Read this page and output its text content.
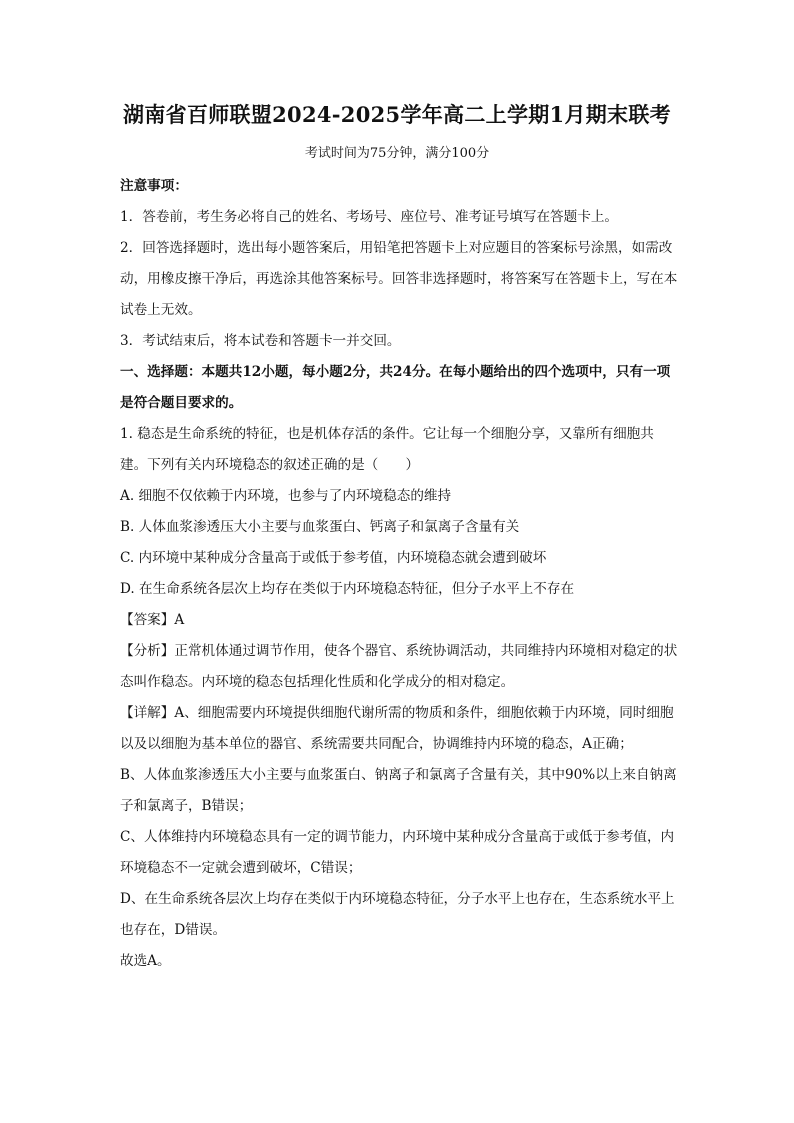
湖南省百师联盟2024-2025学年高二上学期1月期末联考
考试时间为75分钟，满分100分

注意事项：

1．答卷前，考生务必将自己的姓名、考场号、座位号、准考证号填写在答题卡上。

2．回答选择题时，选出每小题答案后，用铅笔把答题卡上对应题目的答案标号涂黑，如需改动，用橡皮擦干净后，再选涂其他答案标号。回答非选择题时，将答案写在答题卡上，写在本试卷上无效。

3．考试结束后，将本试卷和答题卡一并交回。

一、选择题：本题共12小题，每小题2分，共24分。在每小题给出的四个选项中，只有一项是符合题目要求的。

1. 稳态是生命系统的特征，也是机体存活的条件。它让每一个细胞分享，又靠所有细胞共建。下列有关内环境稳态的叙述正确的是（　　）

A. 细胞不仅依赖于内环境，也参与了内环境稳态的维持

B. 人体血浆渗透压大小主要与血浆蛋白、钙离子和氯离子含量有关

C. 内环境中某种成分含量高于或低于参考值，内环境稳态就会遭到破坏

D. 在生命系统各层次上均存在类似于内环境稳态特征，但分子水平上不存在

【答案】A

【分析】正常机体通过调节作用，使各个器官、系统协调活动，共同维持内环境相对稳定的状态叫作稳态。内环境的稳态包括理化性质和化学成分的相对稳定。

【详解】A、细胞需要内环境提供细胞代谢所需的物质和条件，细胞依赖于内环境，同时细胞以及以细胞为基本单位的器官、系统需要共同配合，协调维持内环境的稳态，A正确；

B、人体血浆渗透压大小主要与血浆蛋白、钠离子和氯离子含量有关，其中90%以上来自钠离子和氯离子，B错误；

C、人体维持内环境稳态具有一定的调节能力，内环境中某种成分含量高于或低于参考值，内环境稳态不一定就会遭到破坏，C错误；

D、在生命系统各层次上均存在类似于内环境稳态特征，分子水平上也存在，生态系统水平上也存在，D错误。

故选A。
